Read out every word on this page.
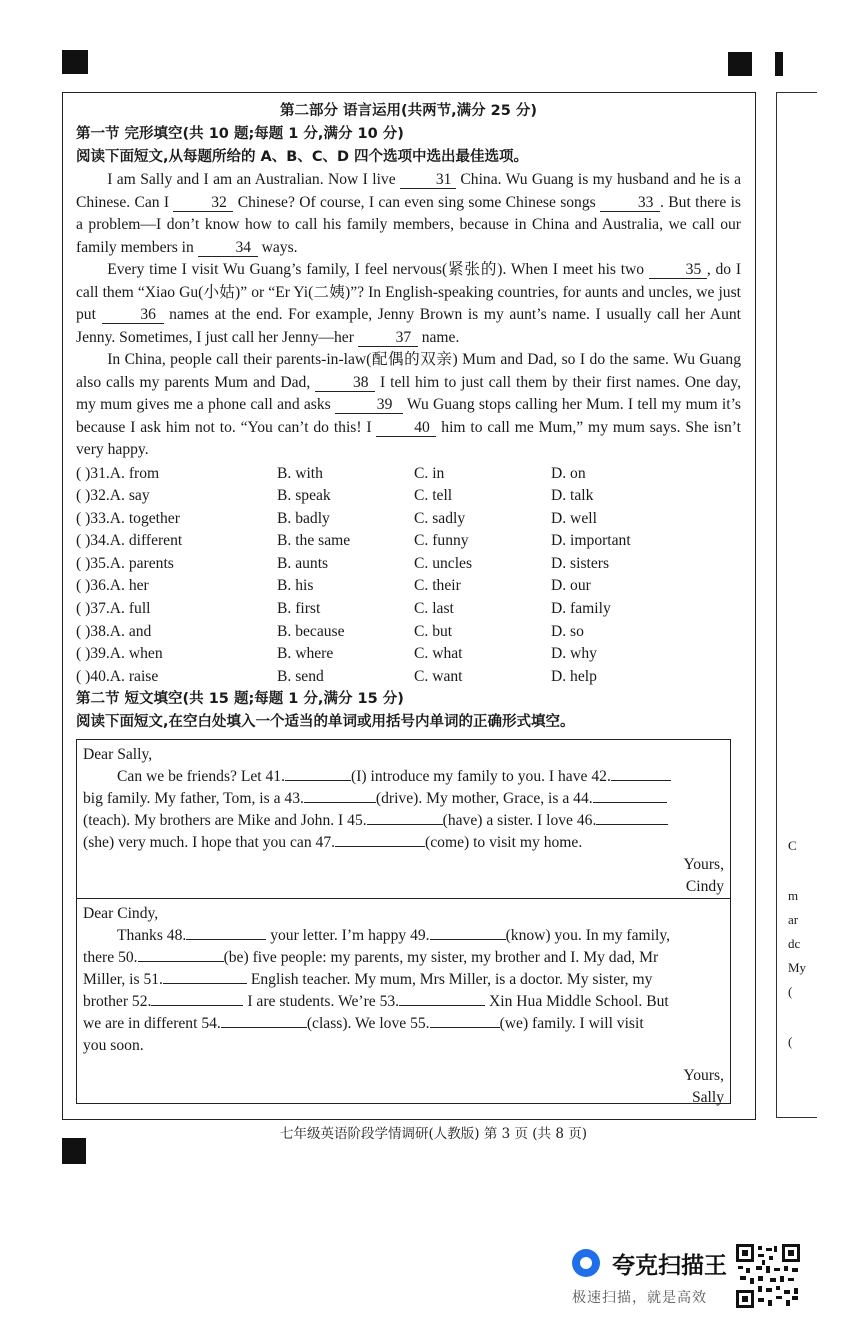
C
m
ar
dc
My
(
(
第二部分 语言运用(共两节,满分 25 分)
第一节 完形填空(共 10 题;每题 1 分,满分 10 分)
阅读下面短文,从每题所给的 A、B、C、D 四个选项中选出最佳选项。

I am Sally and I am an Australian. Now I live 31 China. Wu Guang is my husband and he is a Chinese. Can I 32 Chinese? Of course, I can even sing some Chinese songs 33 . But there is a problem—I don’t know how to call his family members, because in China and Australia, we call our family members in 34 ways.

Every time I visit Wu Guang’s family, I feel nervous(紧张的). When I meet his two 35 , do I call them “Xiao Gu(小姑)” or “Er Yi(二姨)”? In English-speaking countries, for aunts and uncles, we just put 36 names at the end. For example, Jenny Brown is my aunt’s name. I usually call her Aunt Jenny. Sometimes, I just call her Jenny—her 37 name.

In China, people call their parents-in-law(配偶的双亲) Mum and Dad, so I do the same. Wu Guang also calls my parents Mum and Dad, 38 I tell him to just call them by their first names. One day, my mum gives me a phone call and asks	39 Wu Guang stops calling her Mum. I tell my mum it’s because I ask him not to. “You can’t do this! I 40 him to call me Mum,” my mum says. She isn’t very happy.

( )31.A. from	B. with	C. in	D. on
( )32.A. say	B. speak	C. tell	D. talk
( )33.A. together	B. badly	C. sadly	D. well
( )34.A. different	B. the same	C. funny	D. important
( )35.A. parents	B. aunts	C. uncles	D. sisters
( )36.A. her	B. his	C. their	D. our
( )37.A. full	B. first	C. last	D. family
( )38.A. and	B. because	C. but	D. so
( )39.A. when	B. where	C. what	D. why
( )40.A. raise	B. send	C. want	D. help
第二节 短文填空(共 15 题;每题 1 分,满分 15 分)
阅读下面短文,在空白处填入一个适当的单词或用括号内单词的正确形式填空。
Dear Sally,
Can we be friends? Let 41.	(I) introduce my family to you. I have 42.
big family. My father, Tom, is a 43.	(drive). My mother, Grace, is a 44.
(teach). My brothers are Mike and John. I 45.	(have) a sister. I love 46.
(she) very much. I hope that you can 47.	(come) to visit my home.
Yours,
Cindy
Dear Cindy,
Thanks 48.	your letter. I’m happy 49.	(know) you. In my family,
there 50.	(be) five people: my parents, my sister, my brother and I. My dad, Mr
Miller, is 51.	English teacher. My mum, Mrs Miller, is a doctor. My sister, my
brother 52.	I are students. We’re 53.	Xin Hua Middle School. But
we are in different 54.	(class). We love 55.	(we) family. I will visit
you soon.
Yours,
Sally
七年级英语阶段学情调研(人教版) 第 3 页 (共 8 页)
夸克扫描王
极速扫描，就是高效
